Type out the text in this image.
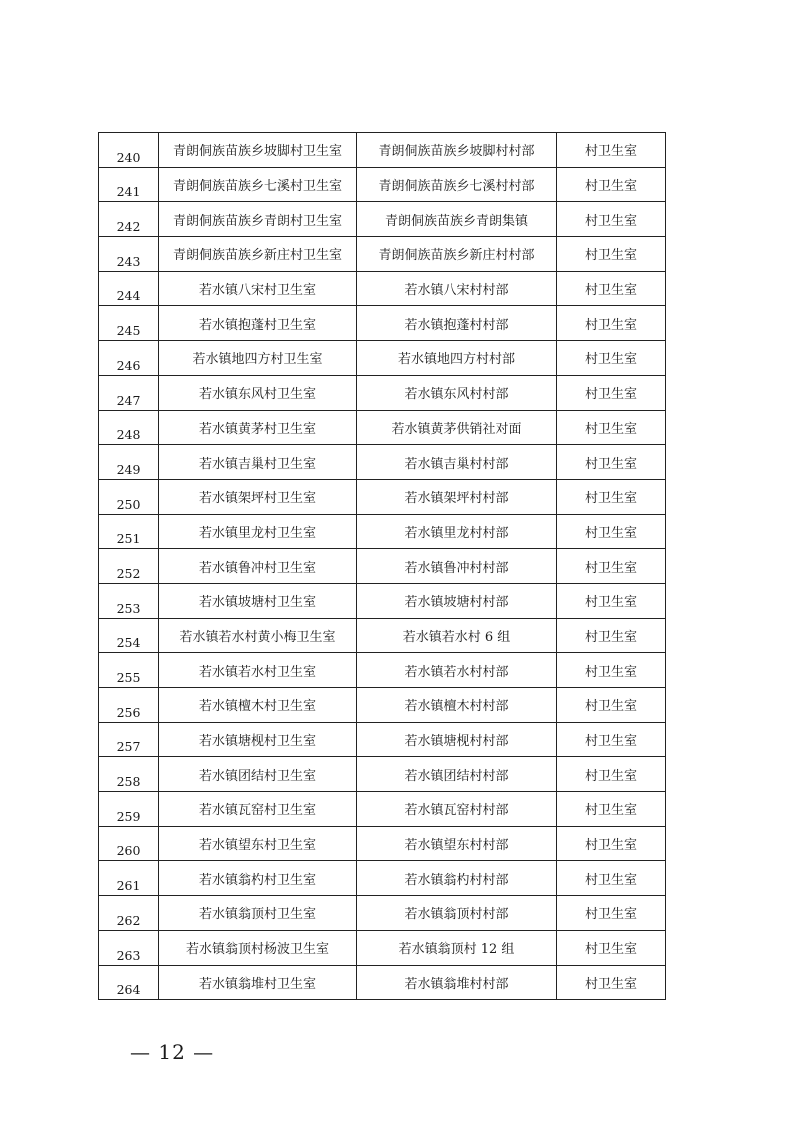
240	青朗侗族苗族乡坡脚村卫生室	青朗侗族苗族乡坡脚村村部	村卫生室
241	青朗侗族苗族乡七溪村卫生室	青朗侗族苗族乡七溪村村部	村卫生室
242	青朗侗族苗族乡青朗村卫生室	青朗侗族苗族乡青朗集镇	村卫生室
243	青朗侗族苗族乡新庄村卫生室	青朗侗族苗族乡新庄村村部	村卫生室
244	若水镇八宋村卫生室	若水镇八宋村村部	村卫生室
245	若水镇抱蓬村卫生室	若水镇抱蓬村村部	村卫生室
246	若水镇地四方村卫生室	若水镇地四方村村部	村卫生室
247	若水镇东风村卫生室	若水镇东风村村部	村卫生室
248	若水镇黄茅村卫生室	若水镇黄茅供销社对面	村卫生室
249	若水镇吉巢村卫生室	若水镇吉巢村村部	村卫生室
250	若水镇架坪村卫生室	若水镇架坪村村部	村卫生室
251	若水镇里龙村卫生室	若水镇里龙村村部	村卫生室
252	若水镇鲁冲村卫生室	若水镇鲁冲村村部	村卫生室
253	若水镇坡塘村卫生室	若水镇坡塘村村部	村卫生室
254	若水镇若水村黄小梅卫生室	若水镇若水村 6 组	村卫生室
255	若水镇若水村卫生室	若水镇若水村村部	村卫生室
256	若水镇檀木村卫生室	若水镇檀木村村部	村卫生室
257	若水镇塘枧村卫生室	若水镇塘枧村村部	村卫生室
258	若水镇团结村卫生室	若水镇团结村村部	村卫生室
259	若水镇瓦窑村卫生室	若水镇瓦窑村村部	村卫生室
260	若水镇望东村卫生室	若水镇望东村村部	村卫生室
261	若水镇翁杓村卫生室	若水镇翁杓村村部	村卫生室
262	若水镇翁顶村卫生室	若水镇翁顶村村部	村卫生室
263	若水镇翁顶村杨波卫生室	若水镇翁顶村 12 组	村卫生室
264	若水镇翁堆村卫生室	若水镇翁堆村村部	村卫生室
— 12 —
